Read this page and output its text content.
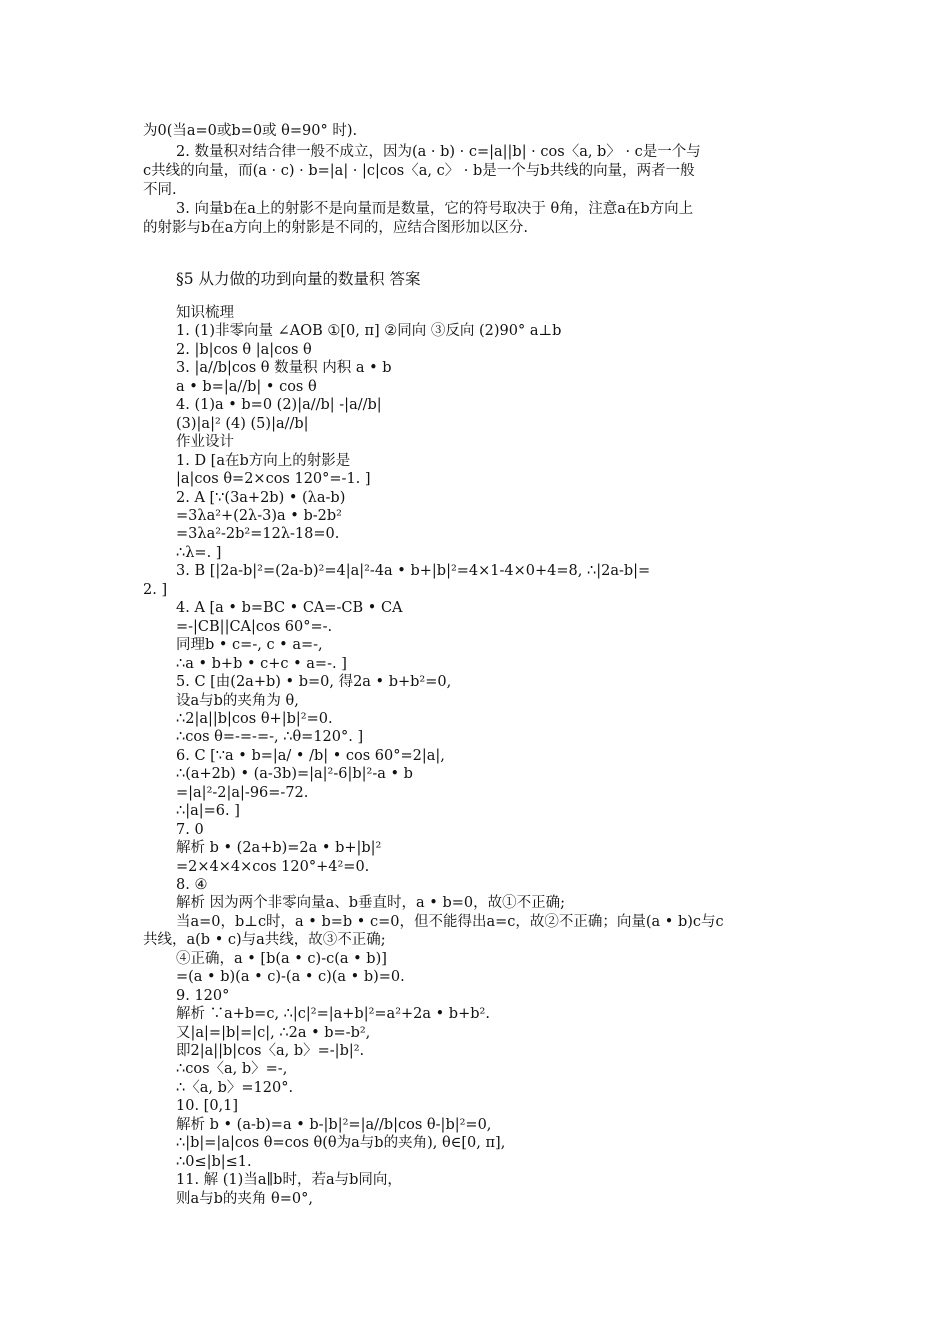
为0(当a=0或b=0或 θ=90° 时).
2. 数量积对结合律一般不成立，因为(a · b) · c=|a||b| · cos〈a, b〉 · c是一个与
c共线的向量，而(a · c) · b=|a| · |c|cos〈a, c〉 · b是一个与b共线的向量，两者一般
不同.
3. 向量b在a上的射影不是向量而是数量，它的符号取决于 θ角，注意a在b方向上
的射影与b在a方向上的射影是不同的，应结合图形加以区分.
§5 从力做的功到向量的数量积 答案
知识梳理
1. (1)非零向量 ∠AOB ①[0, π] ②同向 ③反向 (2)90° a⊥b
2. |b|cos θ |a|cos θ
3. |a//b|cos θ 数量积 内积 a • b
a • b=|a//b| • cos θ
4. (1)a • b=0 (2)|a//b| -|a//b|
(3)|a|² (4) (5)|a//b|
作业设计
1. D [a在b方向上的射影是
|a|cos θ=2×cos 120°=-1. ]
2. A [∵(3a+2b) • (λa-b)
=3λa²+(2λ-3)a • b-2b²
=3λa²-2b²=12λ-18=0.
∴λ=. ]
3. B [|2a-b|²=(2a-b)²=4|a|²-4a • b+|b|²=4×1-4×0+4=8, ∴|2a-b|=
2. ]
4. A [a • b=BC • CA=-CB • CA
=-|CB||CA|cos 60°=-.
同理b • c=-, c • a=-,
∴a • b+b • c+c • a=-. ]
5. C [由(2a+b) • b=0, 得2a • b+b²=0,
设a与b的夹角为 θ,
∴2|a||b|cos θ+|b|²=0.
∴cos θ=-=-=-, ∴θ=120°. ]
6. C [∵a • b=|a/ • /b| • cos 60°=2|a|,
∴(a+2b) • (a-3b)=|a|²-6|b|²-a • b
=|a|²-2|a|-96=-72.
∴|a|=6. ]
7. 0
解析 b • (2a+b)=2a • b+|b|²
=2×4×4×cos 120°+4²=0.
8. ④
解析 因为两个非零向量a、b垂直时，a • b=0，故①不正确;
当a=0，b⊥c时，a • b=b • c=0，但不能得出a=c，故②不正确；向量(a • b)c与c
共线，a(b • c)与a共线，故③不正确;
④正确，a • [b(a • c)-c(a • b)]
=(a • b)(a • c)-(a • c)(a • b)=0.
9. 120°
解析 ∵a+b=c, ∴|c|²=|a+b|²=a²+2a • b+b².
又|a|=|b|=|c|, ∴2a • b=-b²,
即2|a||b|cos〈a, b〉=-|b|².
∴cos〈a, b〉=-,
∴〈a, b〉=120°.
10. [0,1]
解析 b • (a-b)=a • b-|b|²=|a//b|cos θ-|b|²=0,
∴|b|=|a|cos θ=cos θ(θ为a与b的夹角), θ∈[0, π],
∴0≤|b|≤1.
11. 解 (1)当a∥b时，若a与b同向，
则a与b的夹角 θ=0°,
